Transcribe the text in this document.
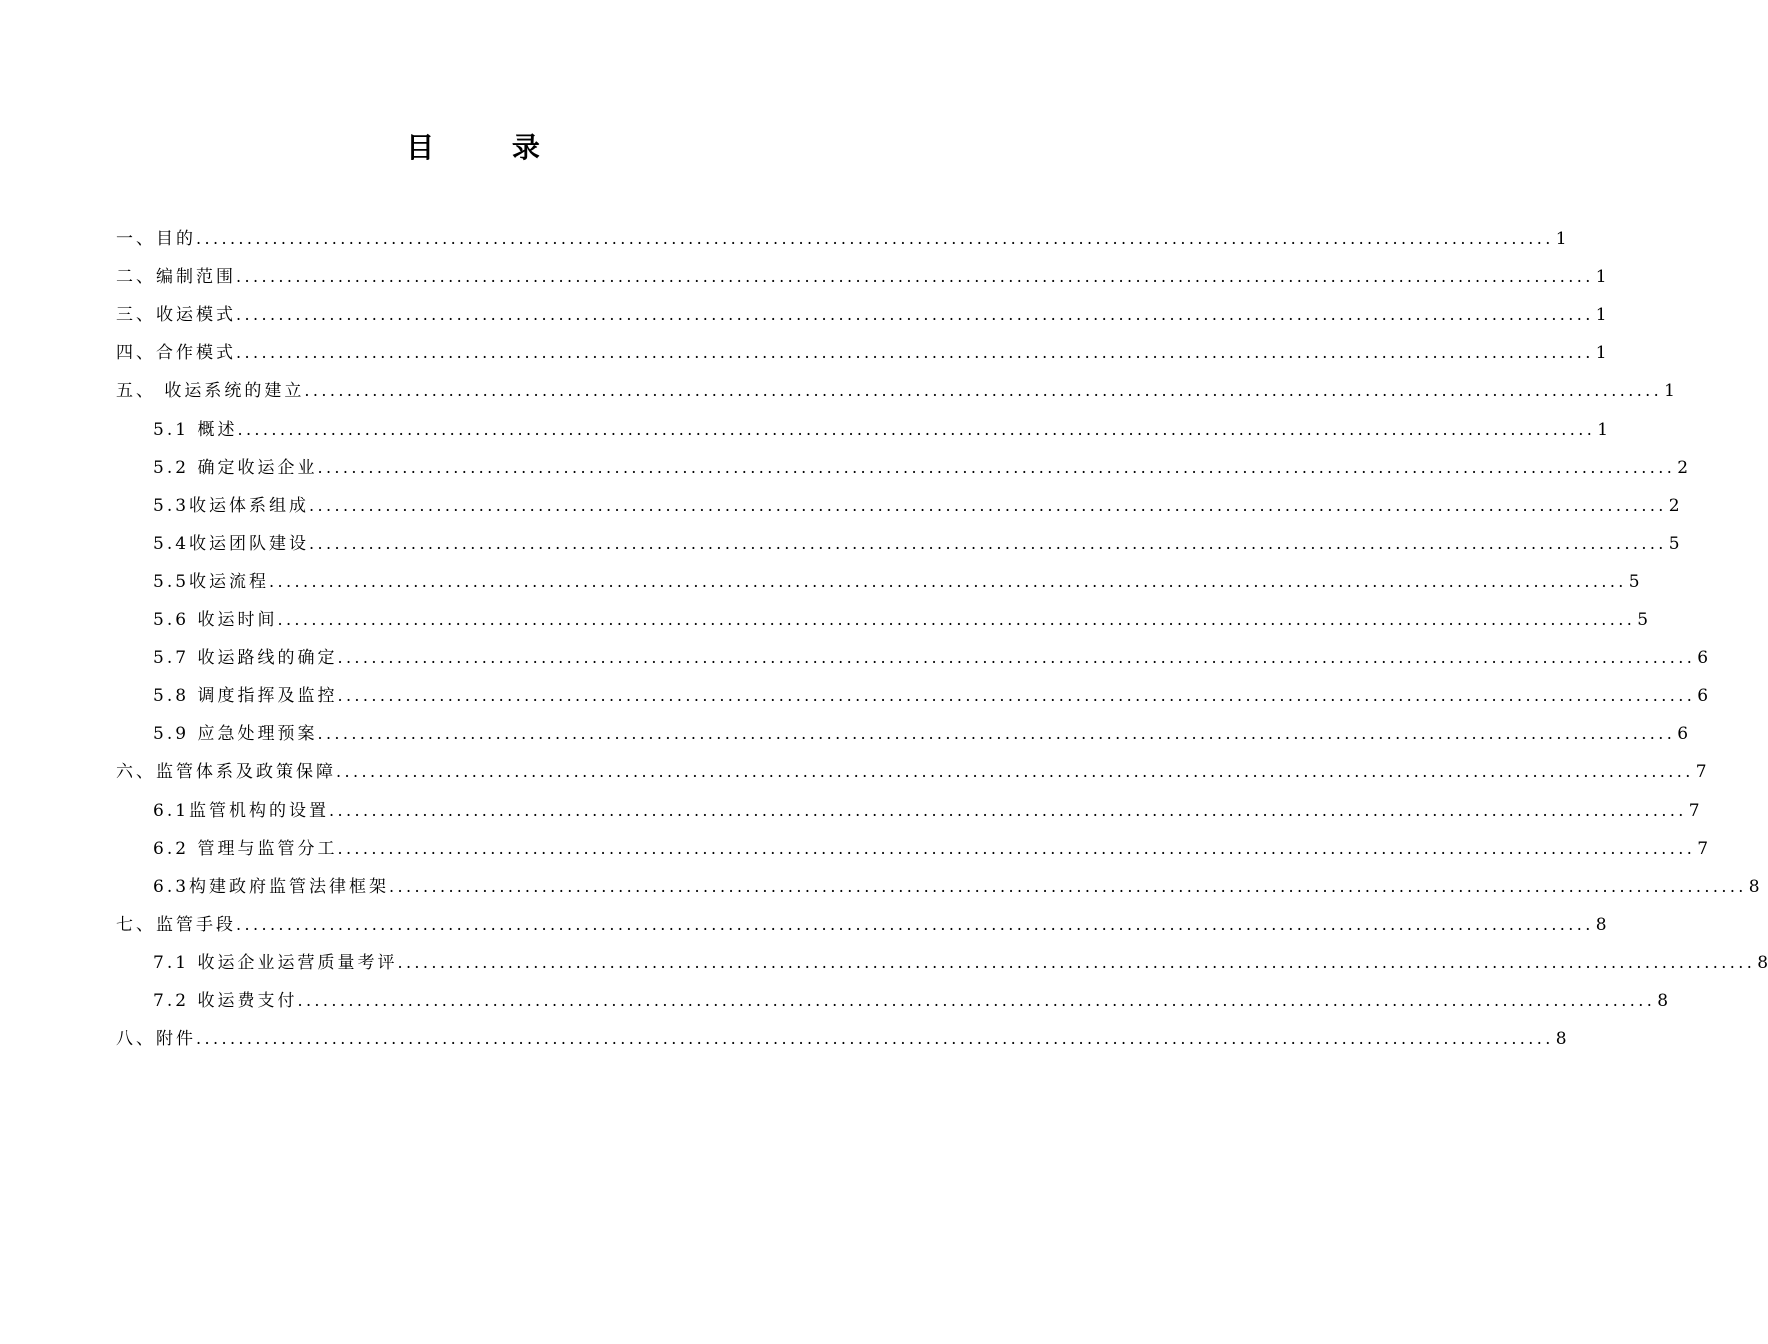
目 录
一、目的 ................................................................................................................................................................ 1
二、编制范围 ................................................................................................................................................................ 1
三、收运模式 ................................................................................................................................................................ 1
四、合作模式 ................................................................................................................................................................ 1
五、 收运系统的建立 ................................................................................................................................................................ 1
5.1 概述 ................................................................................................................................................................ 1
5.2 确定收运企业 ................................................................................................................................................................ 2
5.3收运体系组成 ................................................................................................................................................................ 2
5.4收运团队建设 ................................................................................................................................................................ 5
5.5收运流程 ................................................................................................................................................................ 5
5.6 收运时间 ................................................................................................................................................................ 5
5.7 收运路线的确定 ................................................................................................................................................................ 6
5.8 调度指挥及监控 ................................................................................................................................................................ 6
5.9 应急处理预案 ................................................................................................................................................................ 6
六、监管体系及政策保障 ................................................................................................................................................................ 7
6.1监管机构的设置 ................................................................................................................................................................ 7
6.2 管理与监管分工 ................................................................................................................................................................ 7
6.3构建政府监管法律框架 ................................................................................................................................................................ 8
七、监管手段 ................................................................................................................................................................ 8
7.1 收运企业运营质量考评 ................................................................................................................................................................ 8
7.2 收运费支付 ................................................................................................................................................................ 8
八、附件 ................................................................................................................................................................ 8
